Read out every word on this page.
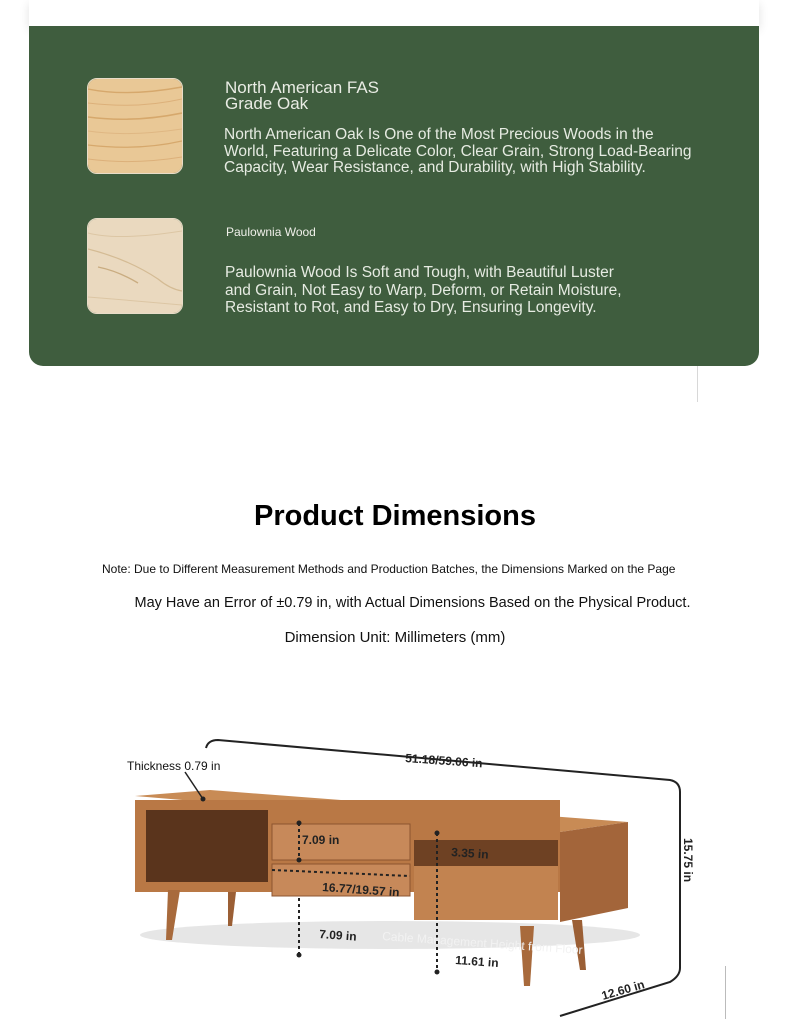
North American FAS
Grade Oak
North American Oak Is One of the Most Precious Woods in the
World, Featuring a Delicate Color, Clear Grain, Strong Load-Bearing
Capacity, Wear Resistance, and Durability, with High Stability.
Paulownia Wood
Paulownia Wood Is Soft and Tough, with Beautiful Luster
and Grain, Not Easy to Warp, Deform, or Retain Moisture,
Resistant to Rot, and Easy to Dry, Ensuring Longevity.
Product Dimensions
Note: Due to Different Measurement Methods and Production Batches, the Dimensions Marked on the Page
May Have an Error of ±0.79 in, with Actual Dimensions Based on the Physical Product.
Dimension Unit: Millimeters (mm)
51.18/59.06 in
15.75 in
7.09 in
3.35 in
16.77/19.57 in
7.09 in Cable Management Height from Floor
11.61 in
12.60 in
Thickness 0.79 in
